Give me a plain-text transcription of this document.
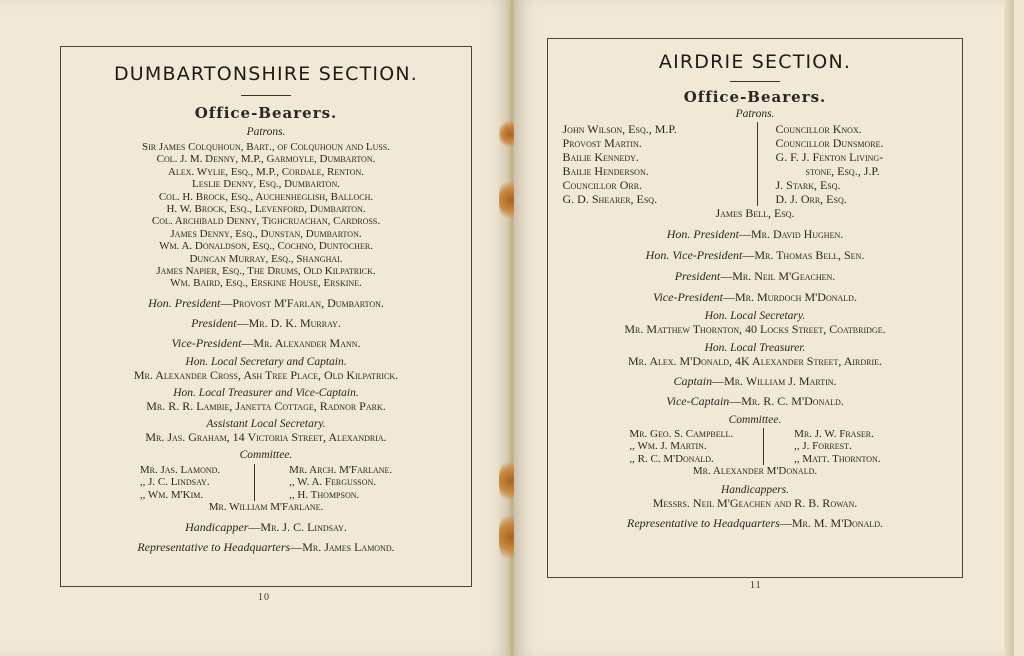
DUMBARTONSHIRE SECTION.
Office-Bearers.
Patrons.
Sir James Colquhoun, Bart., of Colquhoun and Luss.
Col. J. M. Denny, M.P., Garmoyle, Dumbarton.
Alex. Wylie, Esq., M.P., Cordale, Renton.
Leslie Denny, Esq., Dumbarton.
Col. H. Brock, Esq., Auchenheglish, Balloch.
H. W. Brock, Esq., Levenford, Dumbarton.
Col. Archibald Denny, Tighcruachan, Cardross.
James Denny, Esq., Dunstan, Dumbarton.
Wm. A. Donaldson, Esq., Cochno, Duntocher.
Duncan Murray, Esq., Shanghai.
James Napier, Esq., The Drums, Old Kilpatrick.
Wm. Baird, Esq., Erskine House, Erskine.
Hon. President—Provost M'Farlan, Dumbarton.
President—Mr. D. K. Murray.
Vice-President—Mr. Alexander Mann.
Hon. Local Secretary and Captain.
Mr. Alexander Cross, Ash Tree Place, Old Kilpatrick.
Hon. Local Treasurer and Vice-Captain.
Mr. R. R. Lambie, Janetta Cottage, Radnor Park.
Assistant Local Secretary.
Mr. Jas. Graham, 14 Victoria Street, Alexandria.
Committee.
Mr. Jas. Lamond.
,, J. C. Lindsay.
,, Wm. M'Kim.
Mr. Arch. M'Farlane.
,, W. A. Fergusson.
,, H. Thompson.
Mr. William M'Farlane.
Handicapper—Mr. J. C. Lindsay.
Representative to Headquarters—Mr. James Lamond.
10
AIRDRIE SECTION.
Office-Bearers.
Patrons.
John Wilson, Esq., M.P.
Provost Martin.
Bailie Kennedy.
Bailie Henderson.
Councillor Orr.
G. D. Shearer, Esq.
Councillor Knox.
Councillor Dunsmore.
G. F. J. Fenton Living-
stone, Esq., J.P.
J. Stark, Esq.
D. J. Orr, Esq.
James Bell, Esq.
Hon. President—Mr. David Hughen.
Hon. Vice-President—Mr. Thomas Bell, Sen.
President—Mr. Neil M'Geachen.
Vice-President—Mr. Murdoch M'Donald.
Hon. Local Secretary.
Mr. Matthew Thornton, 40 Locks Street, Coatbridge.
Hon. Local Treasurer.
Mr. Alex. M'Donald, 4K Alexander Street, Airdrie.
Captain—Mr. William J. Martin.
Vice-Captain—Mr. R. C. M'Donald.
Committee.
Mr. Geo. S. Campbell.
,, Wm. J. Martin.
,, R. C. M'Donald.
Mr. J. W. Fraser.
,, J. Forrest.
,, Matt. Thornton.
Mr. Alexander M'Donald.
Handicappers.
Messrs. Neil M'Geachen and R. B. Rowan.
Representative to Headquarters—Mr. M. M'Donald.
11
